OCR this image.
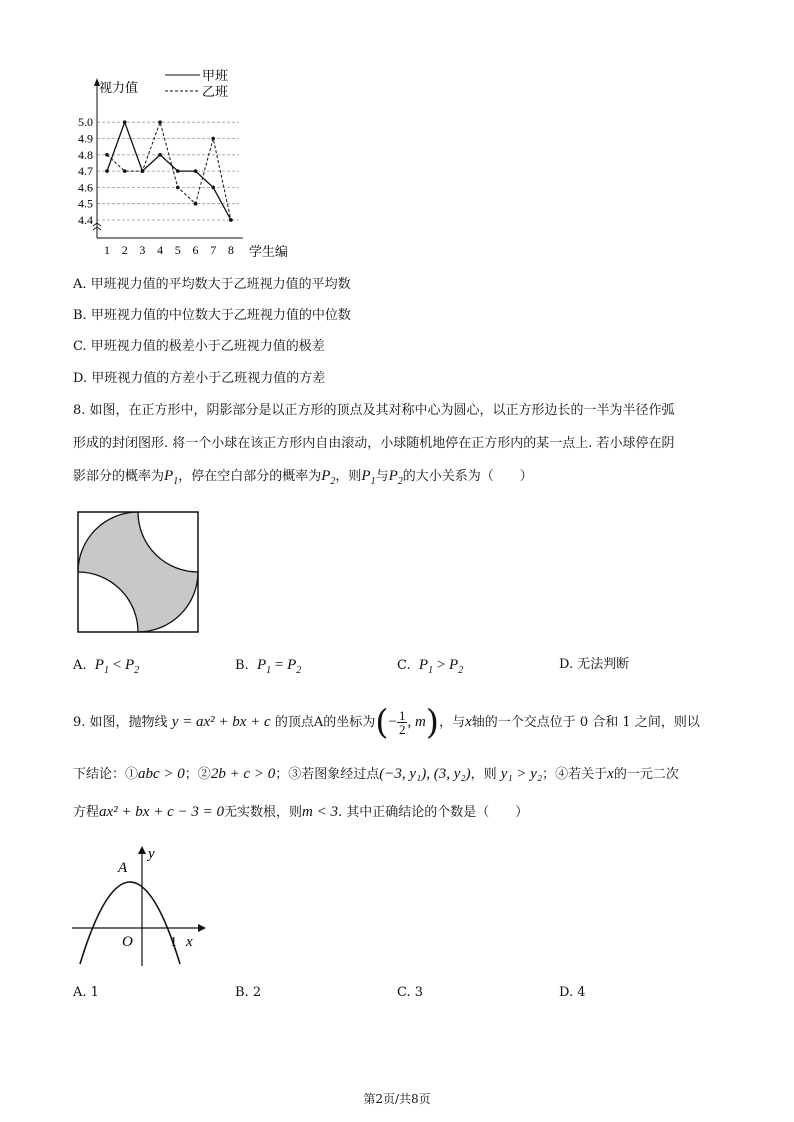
5.0
4.9
4.8
4.7
4.6
4.5
4.4
1 2 3 4 5 6 7 8
视力值
学生编
甲班
乙班
A. 甲班视力值的平均数大于乙班视力值的平均数
B. 甲班视力值的中位数大于乙班视力值的中位数
C. 甲班视力值的极差小于乙班视力值的极差
D. 甲班视力值的方差小于乙班视力值的方差
8. 如图，在正方形中，阴影部分是以正方形的顶点及其对称中心为圆心，以正方形边长的一半为半径作弧
形成的封闭图形. 将一个小球在该正方形内自由滚动，小球随机地停在正方形内的某一点上. 若小球停在阴
影部分的概率为$P_1$，停在空白部分的概率为$P_2$，则$P_1$与$P_2$的大小关系为（　　）
A. $P_1 < P_2$	B. $P_1 = P_2$	C. $P_1 > P_2$	D. 无法判断
9. 如图，抛物线 y = ax² + bx + c 的顶点A的坐标为(− $\frac{1}{2}$ , m)，与x轴的一个交点位于 0 合和 1 之间，则以
下结论：①abc > 0；②2b + c > 0；③若图象经过点(−3, y₁), (3, y₂)，则 y₁ > y₂；④若关于x的一元二次
方程ax² + bx + c − 3 = 0无实数根，则m < 3. 其中正确结论的个数是（　　）
A
y
O	1 x
A. 1	B. 2	C. 3	D. 4
第2页/共8页
